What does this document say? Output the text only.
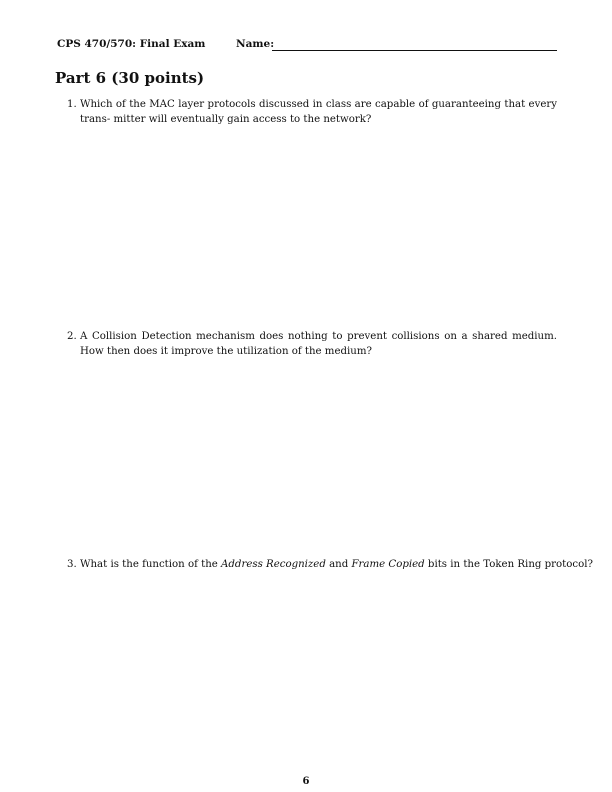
CPS 470/570: Final Exam	Name:
Part 6 (30 points)
1. Which of the MAC layer protocols discussed in class are capable of guaranteeing that every trans- mitter will eventually gain access to the network?
2. A Collision Detection mechanism does nothing to prevent collisions on a shared medium. How then does it improve the utilization of the medium?
3. What is the function of the Address Recognized and Frame Copied bits in the Token Ring protocol?
6
